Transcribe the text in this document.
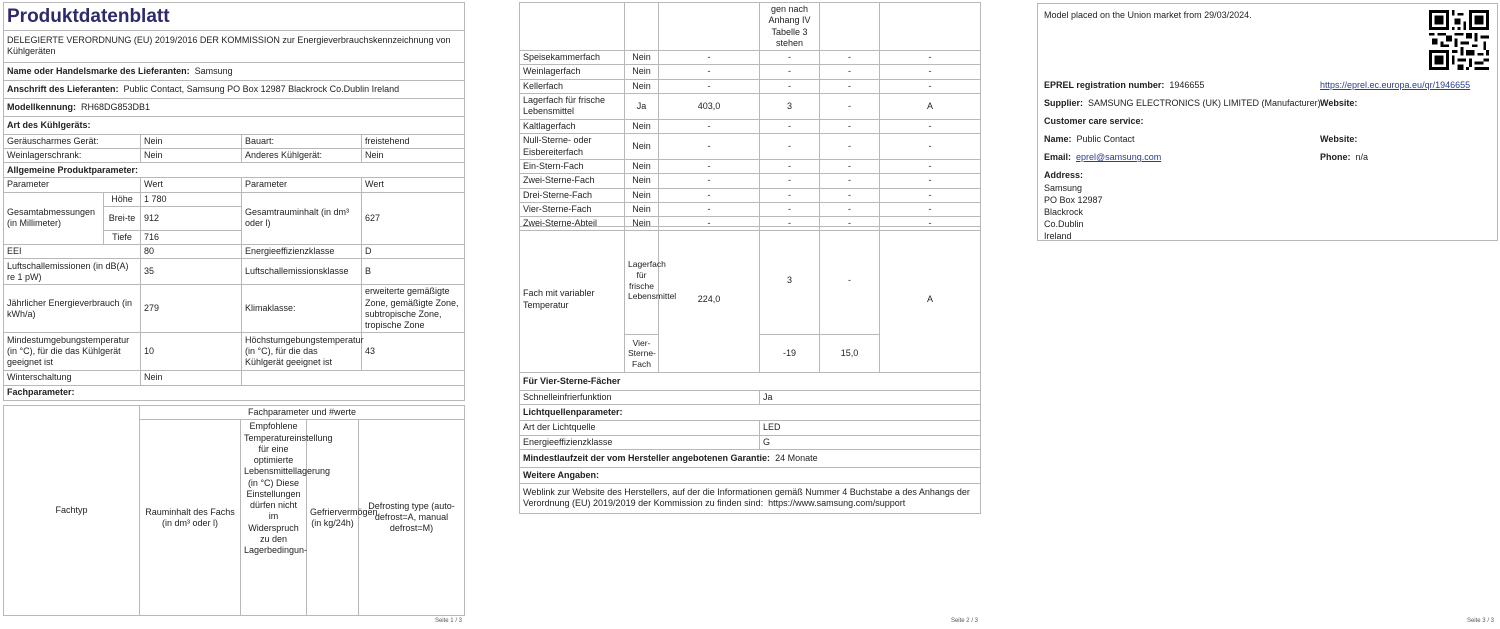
Produktdatenblatt				
DELEGIERTE VERORDNUNG (EU) 2019/2016 DER KOMMISSION zur Energieverbrauchskennzeichnung von Kühlgeräten				
Name oder Handelsmarke des Lieferanten: Samsung				
Anschrift des Lieferanten: Public Contact, Samsung PO Box 12987 Blackrock Co.Dublin Ireland				
Modellkennung: RH68DG853DB1				
Art des Kühlgeräts:				
Geräuscharmes Gerät:		Nein	Bauart:	freistehend
Weinlagerschrank:		Nein	Anderes Kühlgerät:	Nein
Allgemeine Produktparameter:				
Parameter		Wert	Parameter	Wert
Gesamtabmessungen (in Millimeter)	Höhe	1 780	Gesamtrauminhalt (in dm³ oder l)	627
	Brei-te	912		
	Tiefe	716		
EEI		80	Energieeffizienzklasse	D
Luftschallemissionen (in dB(A) re 1 pW)		35	Luftschallemissionsklasse	B
Jährlicher Energieverbrauch (in kWh/a)		279	Klimaklasse:	erweiterte gemäßigte Zone, gemäßigte Zone, subtropische Zone, tropische Zone
Mindestumgebungstemperatur (in °C), für die das Kühlgerät geeignet ist		10	Höchstumgebungstemperatur (in °C), für die das Kühlgerät geeignet ist	43
Winterschaltung		Nein		
Fachparameter:				
Fachtyp	Fachparameter und #werte			
	Rauminhalt des Fachs (in dm³ oder l)	Empfohlene Temperatureinstellung für eine optimierte Lebensmittellagerung (in °C) Diese Einstellungen dürfen nicht im Widerspruch zu den Lagerbedingun-	Gefriervermögen (in kg/24h)	Defrosting type (auto-defrost=A, manual defrost=M)
Seite 1 / 3
			gen nach Anhang IV Tabelle 3 stehen		
Speisekammerfach	Nein	-	-	-	-
Weinlagerfach	Nein	-	-	-	-
Kellerfach	Nein	-	-	-	-
Lagerfach für frische Lebensmittel	Ja	403,0	3	-	A
Kaltlagerfach	Nein	-	-	-	-
Null-Sterne- oder Eisbereiterfach	Nein	-	-	-	-
Ein-Stern-Fach	Nein	-	-	-	-
Zwei-Sterne-Fach	Nein	-	-	-	-
Drei-Sterne-Fach	Nein	-	-	-	-
Vier-Sterne-Fach	Nein	-	-	-	-
Zwei-Sterne-Abteil	Nein	-	-	-	-
Fach mit variabler Temperatur	Lagerfach für frische Lebensmittel	224,0	3	-	A
	Vier-Sterne-Fach		-19	15,0	
Für Vier-Sterne-Fächer	
Schnelleinfrierfunktion	Ja
Lichtquellenparameter:	
Art der Lichtquelle	LED
Energieeffizienzklasse	G
Mindestlaufzeit der vom Hersteller angebotenen Garantie: 24 Monate	
Weitere Angaben:	
Weblink zur Website des Herstellers, auf der die Informationen gemäß Nummer 4 Buchstabe a des Anhangs der Verordnung (EU) 2019/2019 der Kommission zu finden sind: https://www.samsung.com/support	
Seite 2 / 3
Model placed on the Union market from 29/03/2024.
EPREL registration number: 1946655	https://eprel.ec.europa.eu/qr/1946655
Supplier: SAMSUNG ELECTRONICS (UK) LIMITED (Manufacturer) Website:
Customer care service:
Name: Public Contact	Website:
Email: eprel@samsung.com	Phone: n/a
Address:
Samsung
PO Box 12987
Blackrock
Co.Dublin
Ireland
Seite 3 / 3
